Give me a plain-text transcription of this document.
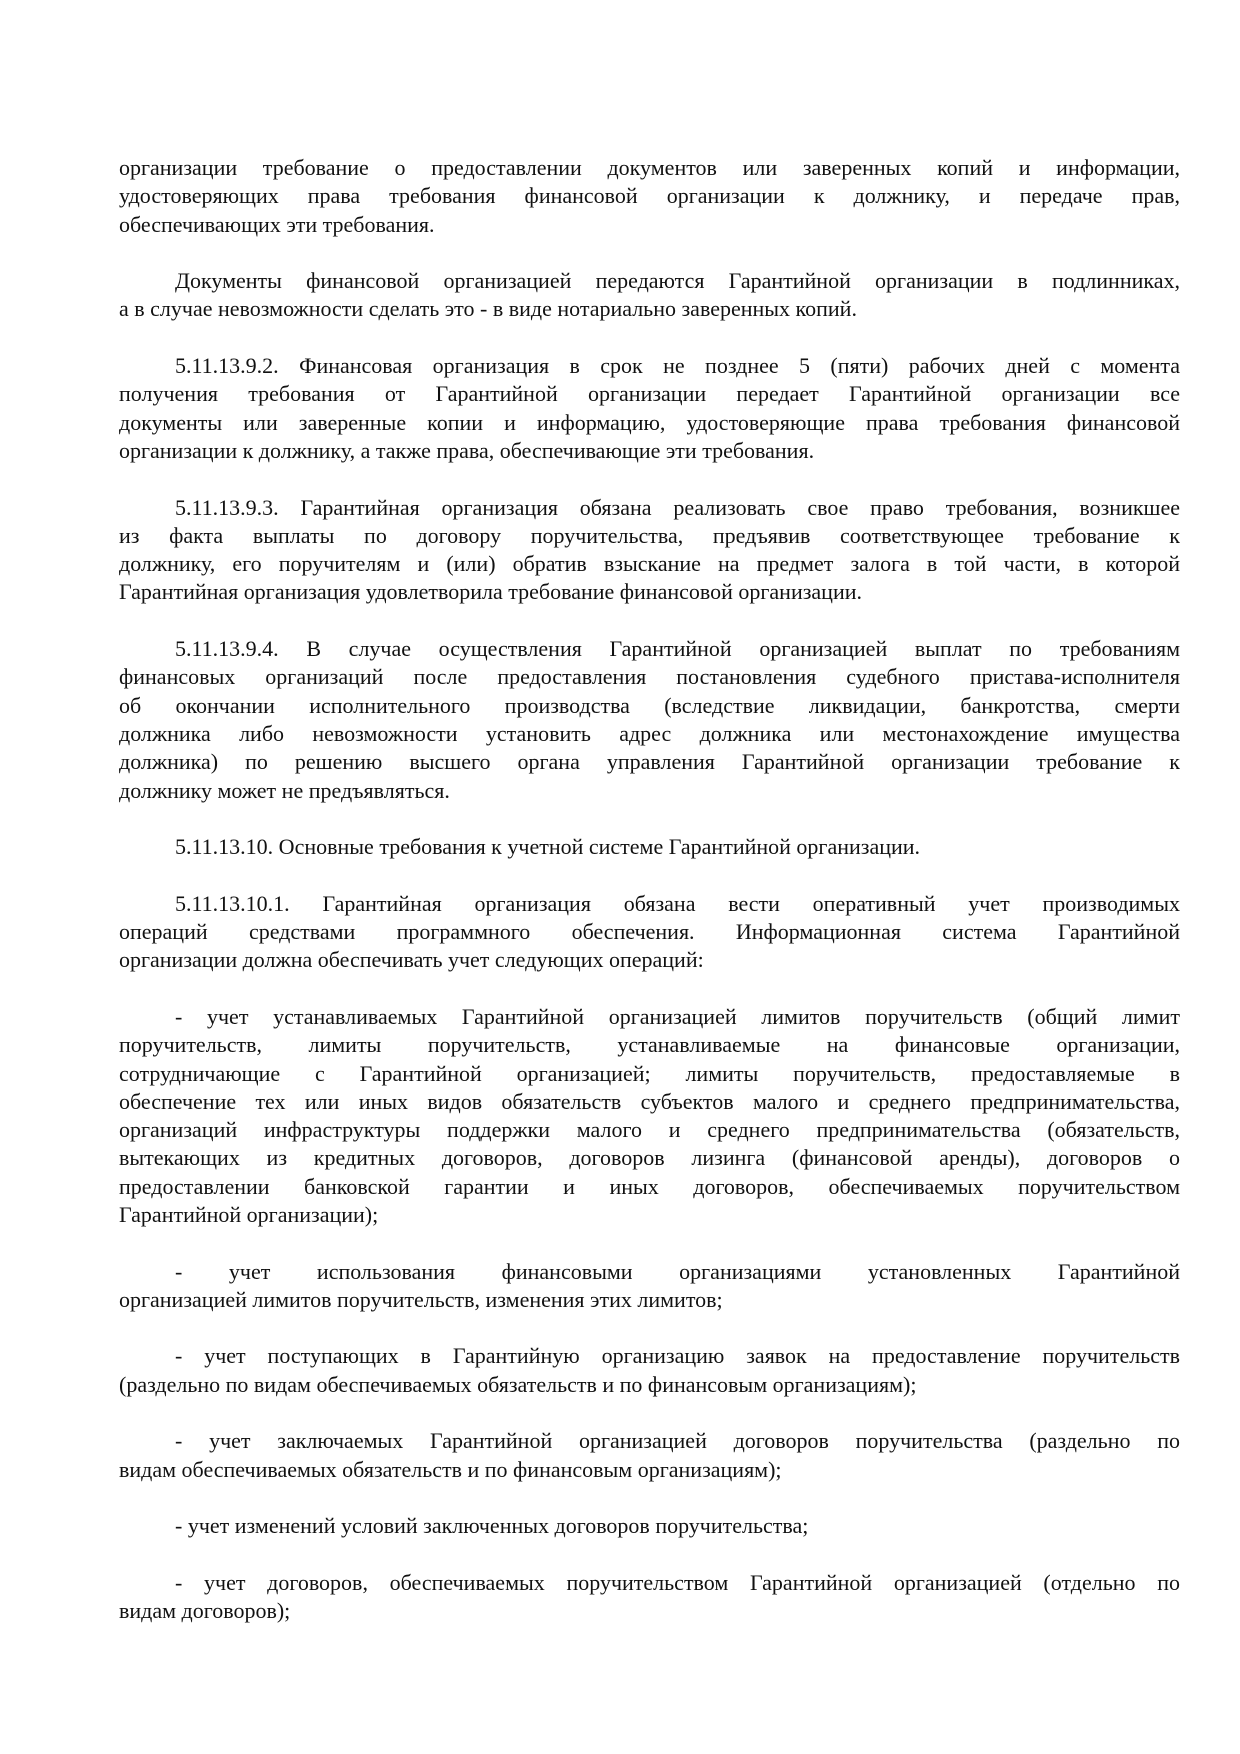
организации требование о предоставлении документов или заверенных копий и информации,
удостоверяющих права требования финансовой организации к должнику, и передаче прав,
обеспечивающих эти требования.
Документы финансовой организацией передаются Гарантийной организации в подлинниках,
а в случае невозможности сделать это - в виде нотариально заверенных копий.
5.11.13.9.2. Финансовая организация в срок не позднее 5 (пяти) рабочих дней с момента
получения требования от Гарантийной организации передает Гарантийной организации все
документы или заверенные копии и информацию, удостоверяющие права требования финансовой
организации к должнику, а также права, обеспечивающие эти требования.
5.11.13.9.3. Гарантийная организация обязана реализовать свое право требования, возникшее
из факта выплаты по договору поручительства, предъявив соответствующее требование к
должнику, его поручителям и (или) обратив взыскание на предмет залога в той части, в которой
Гарантийная организация удовлетворила требование финансовой организации.
5.11.13.9.4. В случае осуществления Гарантийной организацией выплат по требованиям
финансовых организаций после предоставления постановления судебного пристава-исполнителя
об окончании исполнительного производства (вследствие ликвидации, банкротства, смерти
должника либо невозможности установить адрес должника или местонахождение имущества
должника) по решению высшего органа управления Гарантийной организации требование к
должнику может не предъявляться.
5.11.13.10. Основные требования к учетной системе Гарантийной организации.
5.11.13.10.1. Гарантийная организация обязана вести оперативный учет производимых
операций средствами программного обеспечения. Информационная система Гарантийной
организации должна обеспечивать учет следующих операций:
- учет устанавливаемых Гарантийной организацией лимитов поручительств (общий лимит
поручительств, лимиты поручительств, устанавливаемые на финансовые организации,
сотрудничающие с Гарантийной организацией; лимиты поручительств, предоставляемые в
обеспечение тех или иных видов обязательств субъектов малого и среднего предпринимательства,
организаций инфраструктуры поддержки малого и среднего предпринимательства (обязательств,
вытекающих из кредитных договоров, договоров лизинга (финансовой аренды), договоров о
предоставлении банковской гарантии и иных договоров, обеспечиваемых поручительством
Гарантийной организации);
- учет использования финансовыми организациями установленных Гарантийной
организацией лимитов поручительств, изменения этих лимитов;
- учет поступающих в Гарантийную организацию заявок на предоставление поручительств
(раздельно по видам обеспечиваемых обязательств и по финансовым организациям);
- учет заключаемых Гарантийной организацией договоров поручительства (раздельно по
видам обеспечиваемых обязательств и по финансовым организациям);
- учет изменений условий заключенных договоров поручительства;
- учет договоров, обеспечиваемых поручительством Гарантийной организацией (отдельно по
видам договоров);
